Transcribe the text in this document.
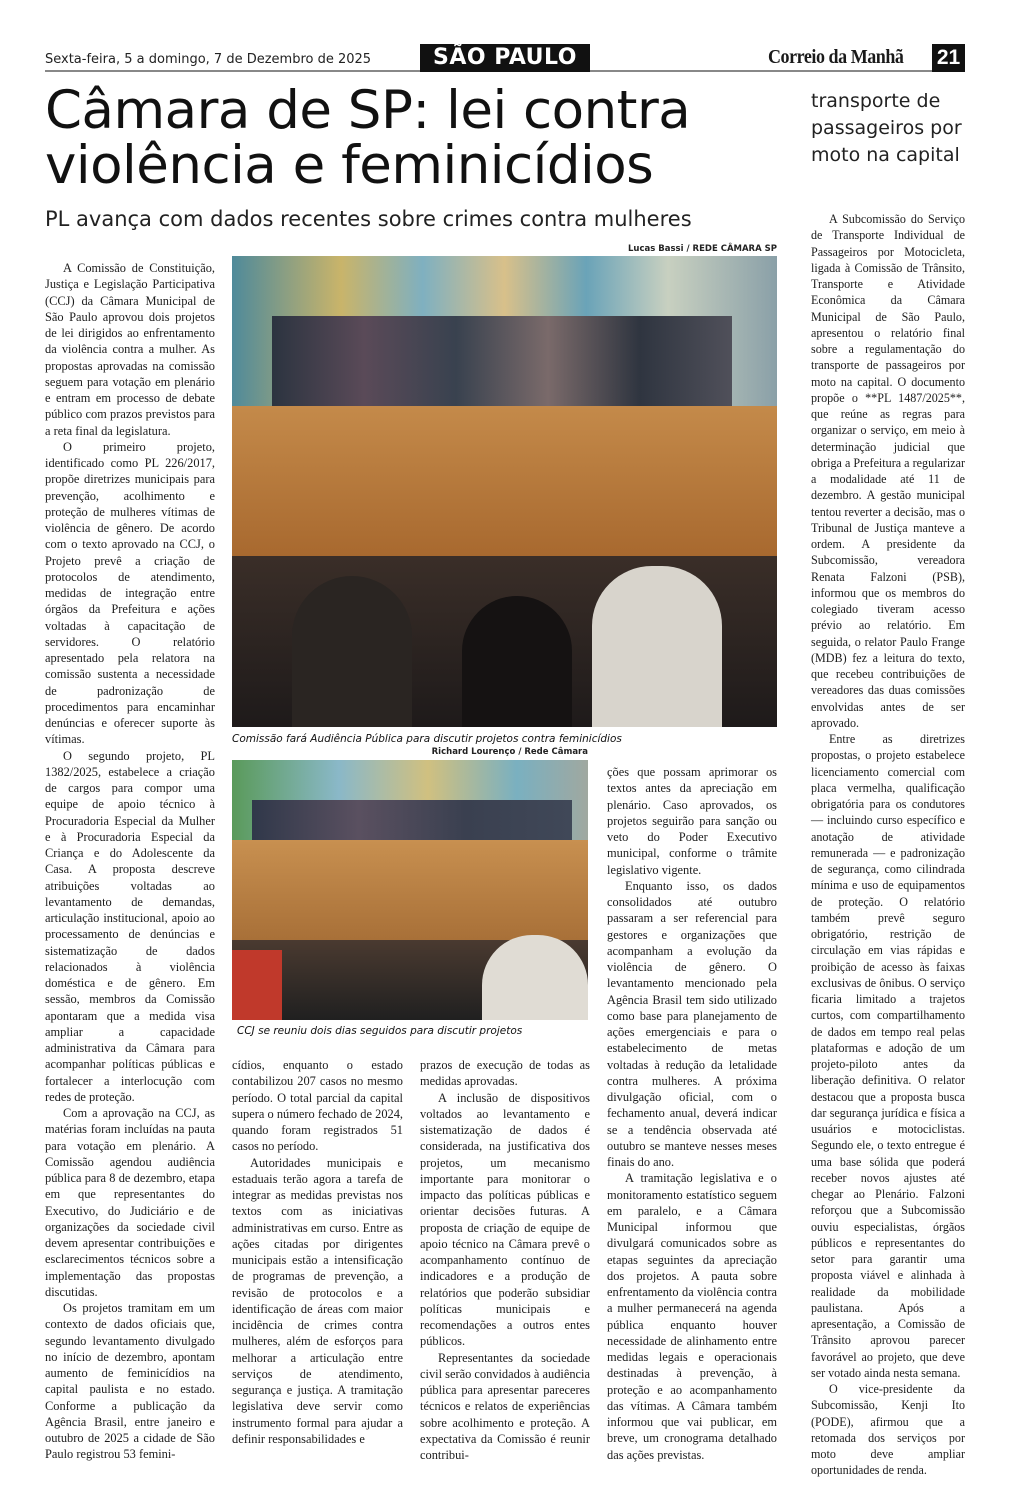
Sexta-feira, 5 a domingo, 7 de Dezembro de 2025	SÃO PAULO	Correio da Manhã 21
Câmara de SP: lei contra violência e feminicídios
PL avança com dados recentes sobre crimes contra mulheres
transporte de passageiros por moto na capital
Lucas Bassi / REDE CÂMARA SP
Comissão fará Audiência Pública para discutir projetos contra feminicídios
Richard Lourenço / Rede Câmara
CCJ se reuniu dois dias seguidos para discutir projetos

A Comissão de Constituição, Justiça e Legislação Participativa (CCJ) da Câmara Municipal de São Paulo aprovou dois projetos de lei dirigidos ao enfrentamento da violência contra a mulher. As propostas aprovadas na comissão seguem para votação em plenário e entram em processo de debate público com prazos previstos para a reta final da legislatura.

O primeiro projeto, identificado como PL 226/2017, propõe diretrizes municipais para prevenção, acolhimento e proteção de mulheres vítimas de violência de gênero. De acordo com o texto aprovado na CCJ, o Projeto prevê a criação de protocolos de atendimento, medidas de integração entre órgãos da Prefeitura e ações voltadas à capacitação de servidores. O relatório apresentado pela relatora na comissão sustenta a necessidade de padronização de procedimentos para encaminhar denúncias e oferecer suporte às vítimas.

O segundo projeto, PL 1382/2025, estabelece a criação de cargos para compor uma equipe de apoio técnico à Procuradoria Especial da Mulher e à Procuradoria Especial da Criança e do Adolescente da Casa. A proposta descreve atribuições voltadas ao levantamento de demandas, articulação institucional, apoio ao processamento de denúncias e sistematização de dados relacionados à violência doméstica e de gênero. Em sessão, membros da Comissão apontaram que a medida visa ampliar a capacidade administrativa da Câmara para acompanhar políticas públicas e fortalecer a interlocução com redes de proteção.

Com a aprovação na CCJ, as matérias foram incluídas na pauta para votação em plenário. A Comissão agendou audiência pública para 8 de dezembro, etapa em que representantes do Executivo, do Judiciário e de organizações da sociedade civil devem apresentar contribuições e esclarecimentos técnicos sobre a implementação das propostas discutidas.

Os projetos tramitam em um contexto de dados oficiais que, segundo levantamento divulgado no início de dezembro, apontam aumento de feminicídios na capital paulista e no estado. Conforme a publicação da Agência Brasil, entre janeiro e outubro de 2025 a cidade de São Paulo registrou 53 femini-

cídios, enquanto o estado contabilizou 207 casos no mesmo período. O total parcial da capital supera o número fechado de 2024, quando foram registrados 51 casos no período.

Autoridades municipais e estaduais terão agora a tarefa de integrar as medidas previstas nos textos com as iniciativas administrativas em curso. Entre as ações citadas por dirigentes municipais estão a intensificação de programas de prevenção, a revisão de protocolos e a identificação de áreas com maior incidência de crimes contra mulheres, além de esforços para melhorar a articulação entre serviços de atendimento, segurança e justiça. A tramitação legislativa deve servir como instrumento formal para ajudar a definir responsabilidades e

prazos de execução de todas as medidas aprovadas.

A inclusão de dispositivos voltados ao levantamento e sistematização de dados é considerada, na justificativa dos projetos, um mecanismo importante para monitorar o impacto das políticas públicas e orientar decisões futuras. A proposta de criação de equipe de apoio técnico na Câmara prevê o acompanhamento contínuo de indicadores e a produção de relatórios que poderão subsidiar políticas municipais e recomendações a outros entes públicos.

Representantes da sociedade civil serão convidados à audiência pública para apresentar pareceres técnicos e relatos de experiências sobre acolhimento e proteção. A expectativa da Comissão é reunir contribui-

ções que possam aprimorar os textos antes da apreciação em plenário. Caso aprovados, os projetos seguirão para sanção ou veto do Poder Executivo municipal, conforme o trâmite legislativo vigente.

Enquanto isso, os dados consolidados até outubro passaram a ser referencial para gestores e organizações que acompanham a evolução da violência de gênero. O levantamento mencionado pela Agência Brasil tem sido utilizado como base para planejamento de ações emergenciais e para o estabelecimento de metas voltadas à redução da letalidade contra mulheres. A próxima divulgação oficial, com o fechamento anual, deverá indicar se a tendência observada até outubro se manteve nesses meses finais do ano.

A tramitação legislativa e o monitoramento estatístico seguem em paralelo, e a Câmara Municipal informou que divulgará comunicados sobre as etapas seguintes da apreciação dos projetos. A pauta sobre enfrentamento da violência contra a mulher permanecerá na agenda pública enquanto houver necessidade de alinhamento entre medidas legais e operacionais destinadas à prevenção, à proteção e ao acompanhamento das vítimas. A Câmara também informou que vai publicar, em breve, um cronograma detalhado das ações previstas.

A Subcomissão do Serviço de Transporte Individual de Passageiros por Motocicleta, ligada à Comissão de Trânsito, Transporte e Atividade Econômica da Câmara Municipal de São Paulo, apresentou o relatório final sobre a regulamentação do transporte de passageiros por moto na capital. O documento propõe o **PL 1487/2025**, que reúne as regras para organizar o serviço, em meio à determinação judicial que obriga a Prefeitura a regularizar a modalidade até 11 de dezembro. A gestão municipal tentou reverter a decisão, mas o Tribunal de Justiça manteve a ordem. A presidente da Subcomissão, vereadora Renata Falzoni (PSB), informou que os membros do colegiado tiveram acesso prévio ao relatório. Em seguida, o relator Paulo Frange (MDB) fez a leitura do texto, que recebeu contribuições de vereadores das duas comissões envolvidas antes de ser aprovado.

Entre as diretrizes propostas, o projeto estabelece licenciamento comercial com placa vermelha, qualificação obrigatória para os condutores — incluindo curso específico e anotação de atividade remunerada — e padronização de segurança, como cilindrada mínima e uso de equipamentos de proteção. O relatório também prevê seguro obrigatório, restrição de circulação em vias rápidas e proibição de acesso às faixas exclusivas de ônibus. O serviço ficaria limitado a trajetos curtos, com compartilhamento de dados em tempo real pelas plataformas e adoção de um projeto-piloto antes da liberação definitiva. O relator destacou que a proposta busca dar segurança jurídica e física a usuários e motociclistas. Segundo ele, o texto entregue é uma base sólida que poderá receber novos ajustes até chegar ao Plenário. Falzoni reforçou que a Subcomissão ouviu especialistas, órgãos públicos e representantes do setor para garantir uma proposta viável e alinhada à realidade da mobilidade paulistana. Após a apresentação, a Comissão de Trânsito aprovou parecer favorável ao projeto, que deve ser votado ainda nesta semana.

O vice-presidente da Subcomissão, Kenji Ito (PODE), afirmou que a retomada dos serviços por moto deve ampliar oportunidades de renda.
